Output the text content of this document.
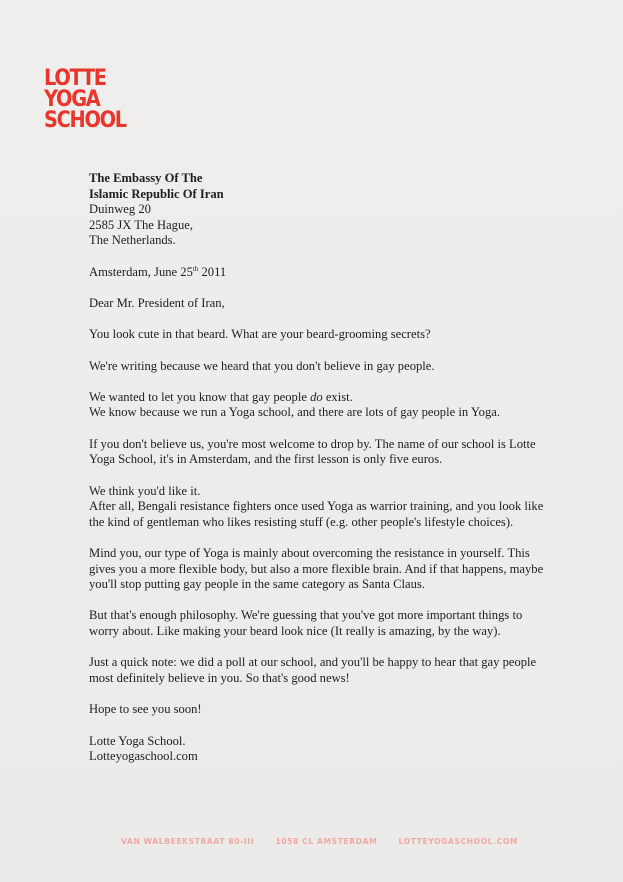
LOTTE
YOGA
SCHOOL
The Embassy Of The
Islamic Republic Of Iran
Duinweg 20
2585 JX The Hague,
The Netherlands.
Amsterdam, June 25th 2011
Dear Mr. President of Iran,
You look cute in that beard. What are your beard-grooming secrets?
We're writing because we heard that you don't believe in gay people.
We wanted to let you know that gay people do exist.
We know because we run a Yoga school, and there are lots of gay people in Yoga.
If you don't believe us, you're most welcome to drop by. The name of our school is Lotte
Yoga School, it's in Amsterdam, and the first lesson is only five euros.
We think you'd like it.
After all, Bengali resistance fighters once used Yoga as warrior training, and you look like
the kind of gentleman who likes resisting stuff (e.g. other people's lifestyle choices).
Mind you, our type of Yoga is mainly about overcoming the resistance in yourself. This
gives you a more flexible body, but also a more flexible brain. And if that happens, maybe
you'll stop putting gay people in the same category as Santa Claus.
But that's enough philosophy. We're guessing that you've got more important things to
worry about. Like making your beard look nice (It really is amazing, by the way).
Just a quick note: we did a poll at our school, and you'll be happy to hear that gay people
most definitely believe in you. So that's good news!
Hope to see you soon!
Lotte Yoga School.
Lotteyogaschool.com
VAN WALBEEKSTRAAT 80-III	1058 CL AMSTERDAM	LOTTEYOGASCHOOL.COM
